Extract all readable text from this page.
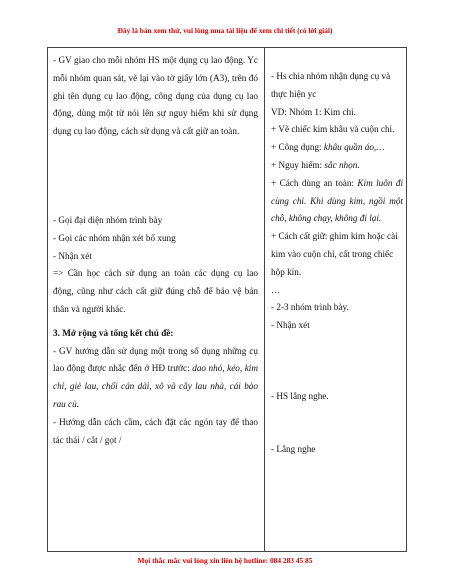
Đây là bản xem thử, vui lòng mua tài liệu để xem chi tiết (có lời giải)

- GV giao cho mỗi nhóm HS một dụng cụ lao động. Yc mỗi nhóm quan sát, vẽ lại vào tờ giấy lớn (A3), trên đó ghi tên dụng cụ lao động, công dụng của dụng cụ lao động, dùng một từ nói lên sự nguy hiểm khi sử dụng dụng cụ lao động, cách sử dụng và cất giữ an toàn.

- Gọi đại diện nhóm trình bày

- Gọi các nhóm nhận xét bổ xung

- Nhận xét

=> Cần học cách sử dụng an toàn các dụng cụ lao động, cũng như cách cất giữ đúng chỗ để bảo vệ bản thân và người khác.

3. Mở rộng và tổng kết chủ đề:

- GV hướng dẫn sử dụng một trong số dụng những cụ lao động được nhắc đến ở HĐ trước: dao nhỏ, kéo, kim chỉ, giẻ lau, chổi cán dài, xô và cây lau nhà, cái bào rau củ.

- Hướng dẫn cách cầm, cách đặt các ngón tay để thao tác thái / cắt / gọt /

- Hs chia nhóm nhận dụng cụ và thực hiện yc

VD: Nhóm 1: Kim chỉ.

+ Vẽ chiếc kim khâu và cuộn chỉ.

+ Công dụng: khâu quần áo,…

+ Nguy hiểm: sắc nhọn.

+ Cách dùng an toàn: Kim luôn đi cùng chỉ. Khi dùng kim, ngồi một chỗ, không chạy, không đi lại.

+ Cách cất giữ: ghim kim hoặc cài kim vào cuộn chỉ, cất trong chiếc hộp kín.

…

- 2-3 nhóm trình bày.

- Nhận xét

- HS lắng nghe.

- Lắng nghe

Mọi thắc mắc vui lòng xin liên hệ hotline: 084 283 45 85
